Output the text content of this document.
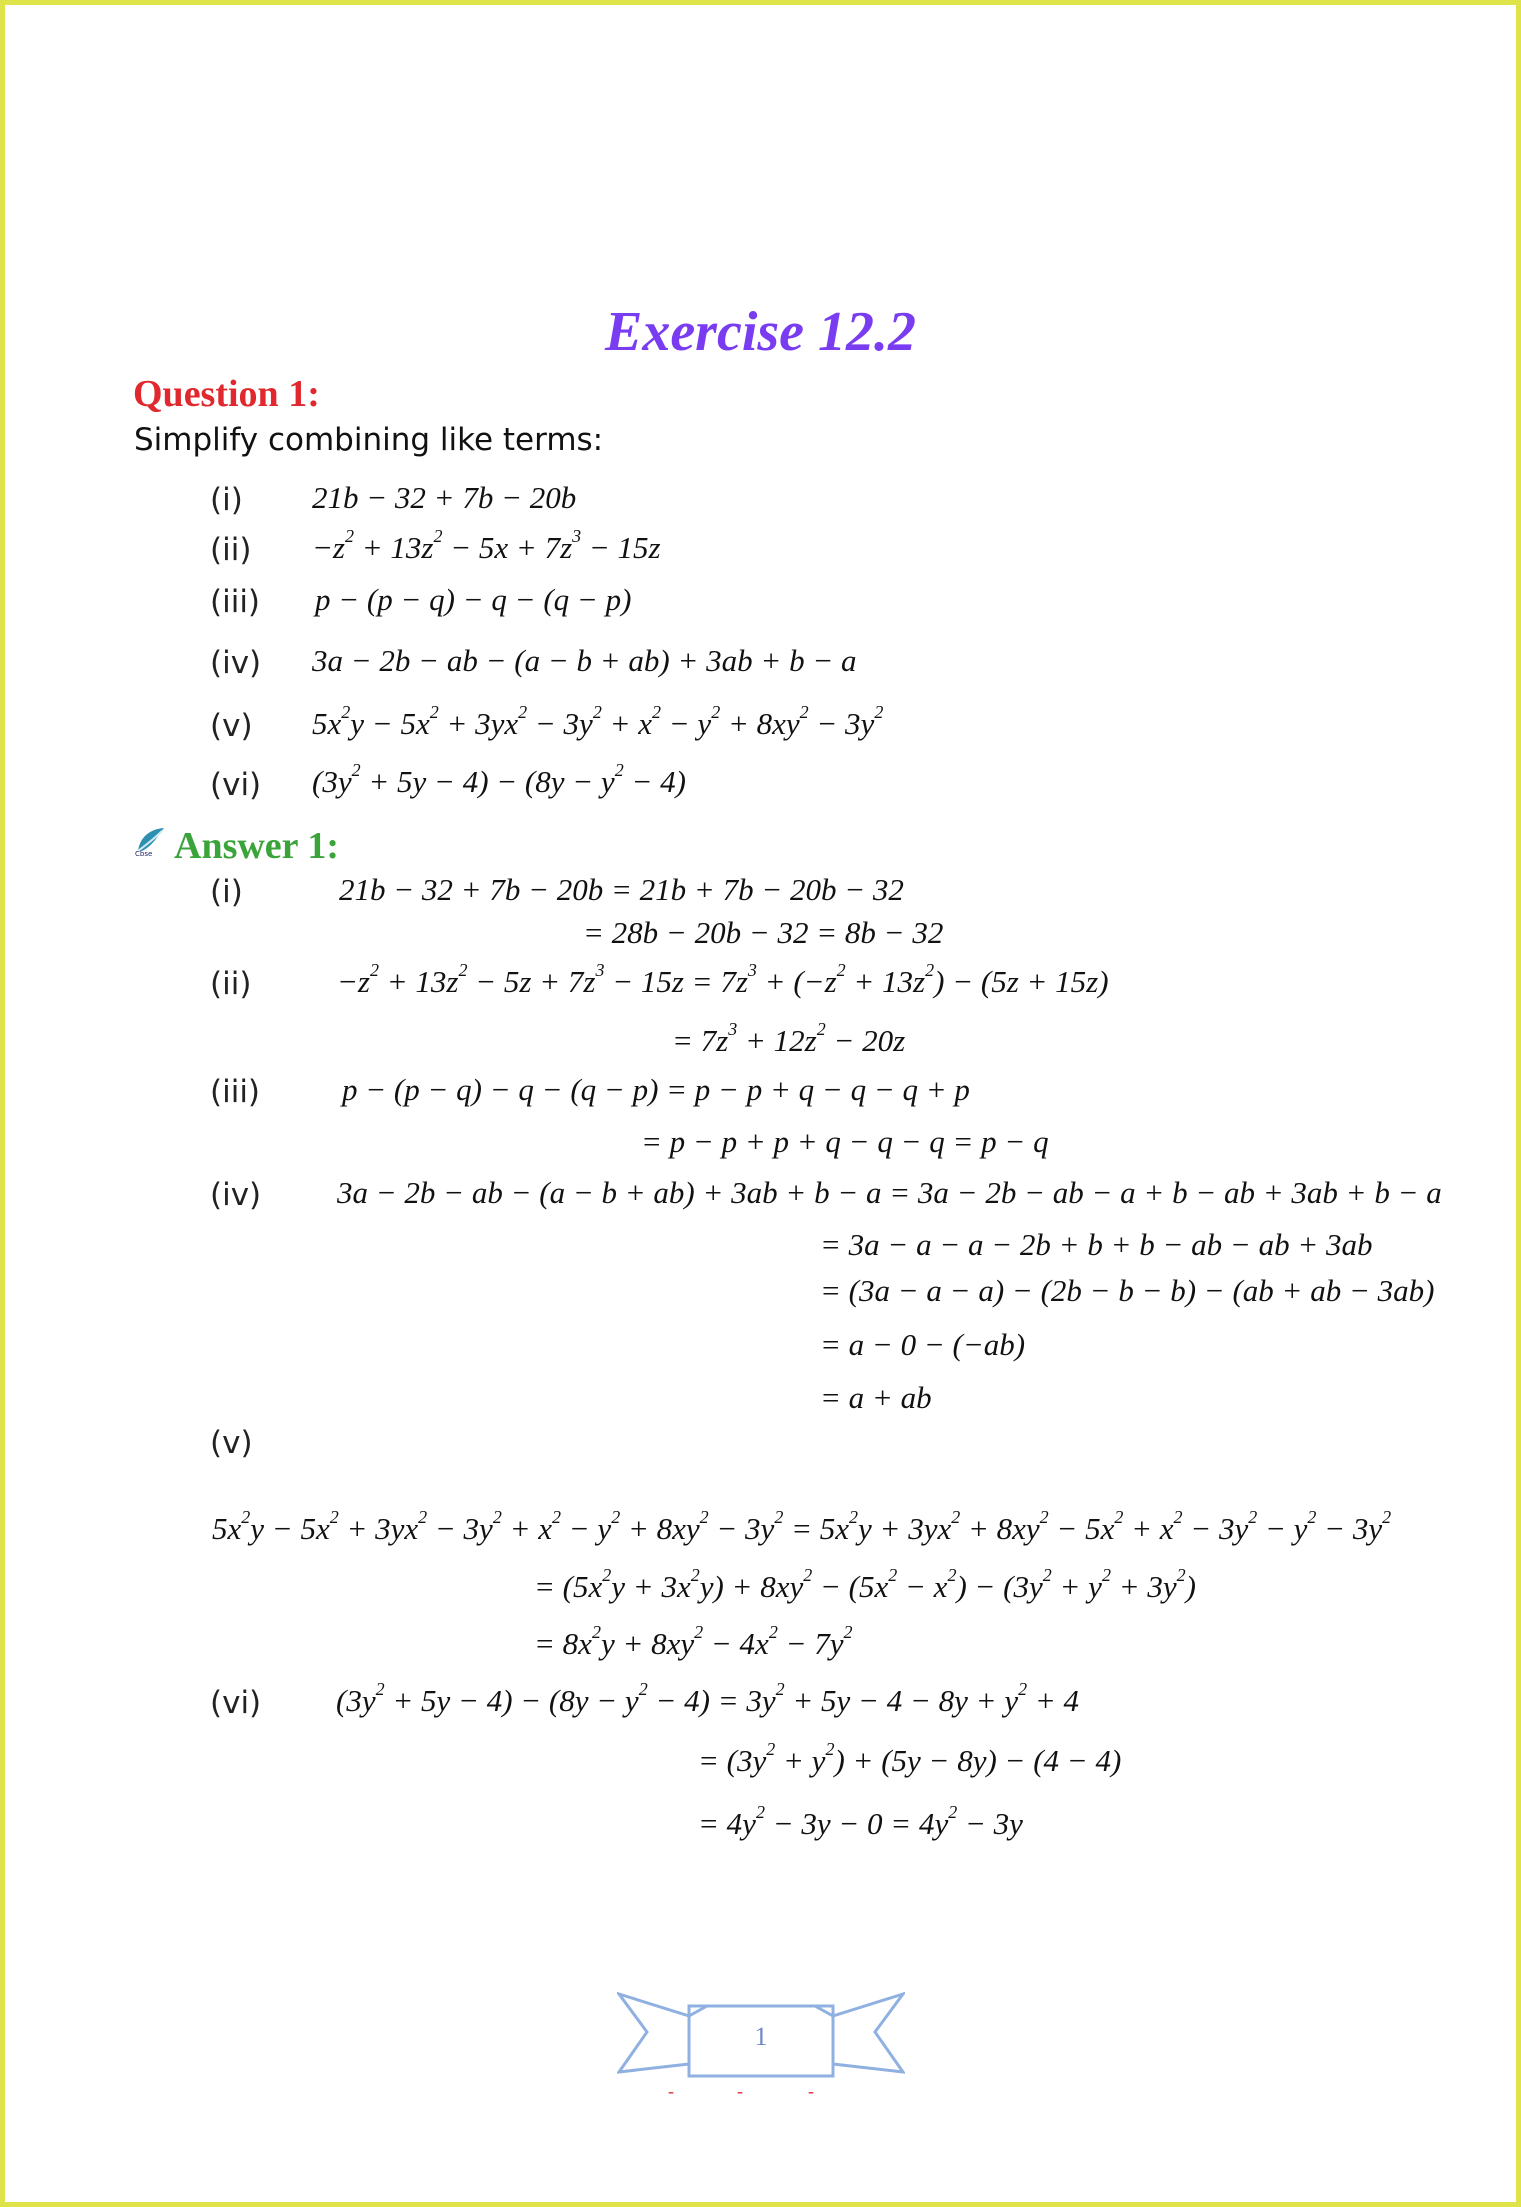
Exercise 12.2
Question 1:
Simplify combining like terms:
(i) 21b − 32 + 7b − 20b
$(ii) -z^2 + 13z^2 - 5x + 7z^3 - 15z$
(iii) p − (p − q) − q − (q − p)
(iv) 3a − 2b − ab − (a − b + ab) + 3ab + b − a
(v) $5x^2y - 5x^2 + 3yx^2 - 3y^2 + x^2 - y^2 + 8xy^2 - 3y^2$
(vi) $(3y^2 + 5y - 4) - (8y - y^2 - 4)$
Cbse Answer 1:
(i)	21b − 32 + 7b − 20b = 21b + 7b − 20b − 32
= 28b − 20b − 32 = 8b − 32
(ii)	$-z^2 + 13z^2 - 5z + 7z^3 - 15z = 7z^3 + (-z^2 + 13z^2) - (5z + 15z)$
= $7z^3 + 12z^2 - 20z$
(iii)	p − (p − q) − q − (q − p) = p − p + q − q − q + p
= p − p + p + q − q − q = p − q
(iv) 3a − 2b − ab − (a − b + ab) + 3ab + b − a = 3a − 2b − ab − a + b − ab + 3ab + b − a
= 3a − a − a − 2b + b + b − ab − ab + 3ab
= (3a − a − a) − (2b − b − b) − (ab + ab − 3ab)
= a − 0 − (−ab)
= a + ab
(v)
$5x^2y - 5x^2 + 3yx^2 - 3y^2 + x^2 - y^2 + 8xy^2 - 3y^2 = 5x^2y + 3yx^2 + 8xy^2 - 5x^2 + x^2 - 3y^2 - y^2 - 3y^2$
= $(5x^2y + 3x^2y) + 8xy^2 - (5x^2 - x^2) - (3y^2 + y^2 + 3y^2)$
= $8x^2y + 8xy^2 - 4x^2 - 7y^2$
(vi) $(3y^2 + 5y - 4) - (8y - y^2 - 4) = 3y^2 + 5y - 4 - 8y + y^2 + 4$
= $(3y^2 + y^2) + (5y - 8y) - (4 - 4)$
= $4y^2 - 3y - 0 = 4y^2 - 3y$
1
-	-	-
